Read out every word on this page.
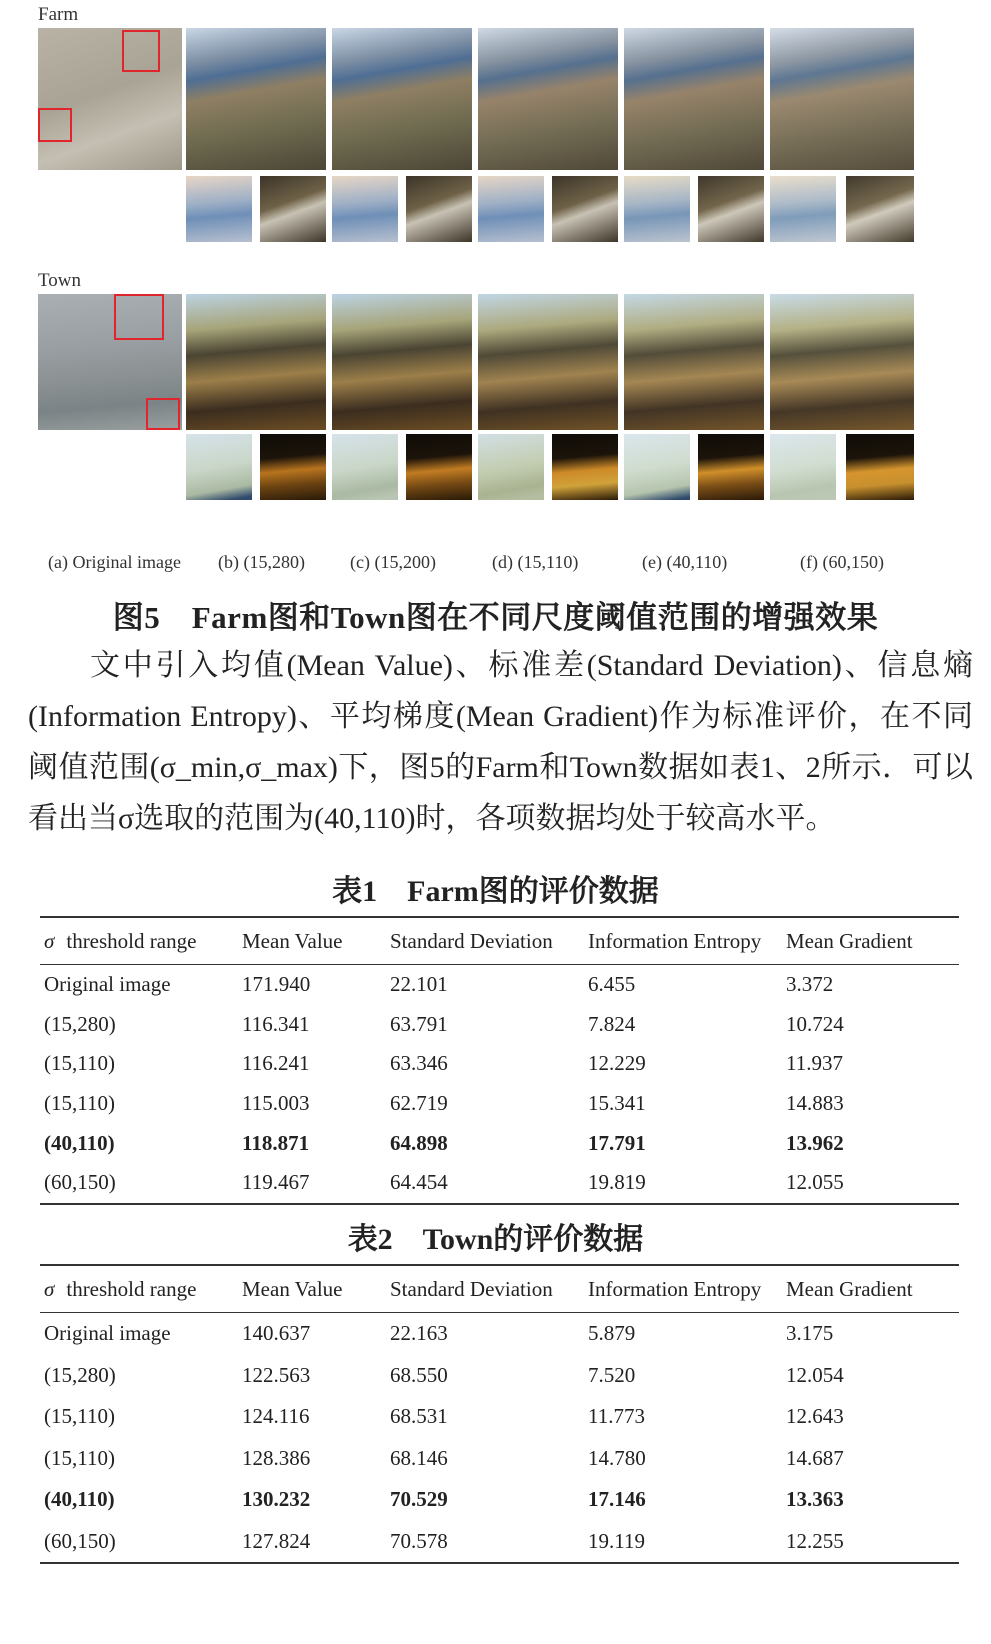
Farm
Town
(a) Original image (b) (15,280)	(c) (15,200)	(d) (15,110)	(e) (40,110)	(f) (60,150)
图5　Farm图和Town图在不同尺度阈值范围的增强效果
文中引入均值(Mean Value)、标准差(Standard Deviation)、信息熵(Information Entropy)、平均梯度(Mean Gradient)作为标准评价，在不同阈值范围(σ_min,σ_max)下，图5的Farm和Town数据如表1、2所示．可以看出当σ选取的范围为(40,110)时，各项数据均处于较高水平。
表1　Farm图的评价数据
σ threshold range	Mean Value	Standard Deviation	Information Entropy	Mean Gradient
Original image	171.940	22.101	6.455	3.372
(15,280)	116.341	63.791	7.824	10.724
(15,110)	116.241	63.346	12.229	11.937
(15,110)	115.003	62.719	15.341	14.883
(40,110)	118.871	64.898	17.791	13.962
(60,150)	119.467	64.454	19.819	12.055
表2　Town的评价数据
σ threshold range	Mean Value	Standard Deviation	Information Entropy	Mean Gradient
Original image	140.637	22.163	5.879	3.175
(15,280)	122.563	68.550	7.520	12.054
(15,110)	124.116	68.531	11.773	12.643
(15,110)	128.386	68.146	14.780	14.687
(40,110)	130.232	70.529	17.146	13.363
(60,150)	127.824	70.578	19.119	12.255
